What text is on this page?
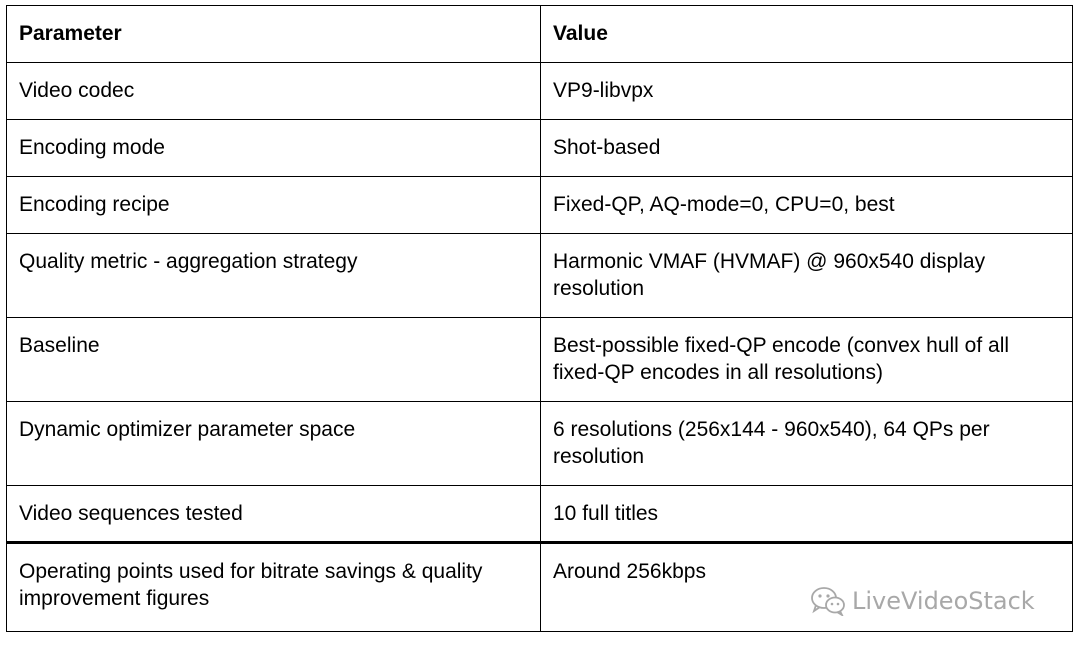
Parameter	Value
Video codec	VP9-libvpx
Encoding mode	Shot-based
Encoding recipe	Fixed-QP, AQ-mode=0, CPU=0, best
Quality metric - aggregation strategy	Harmonic VMAF (HVMAF) @ 960x540 display resolution
Baseline	Best-possible fixed-QP encode (convex hull of all fixed-QP encodes in all resolutions)
Dynamic optimizer parameter space	6 resolutions (256x144 - 960x540), 64 QPs per resolution
Video sequences tested	10 full titles
Operating points used for bitrate savings & quality improvement figures	Around 256kbps
LiveVideoStack
